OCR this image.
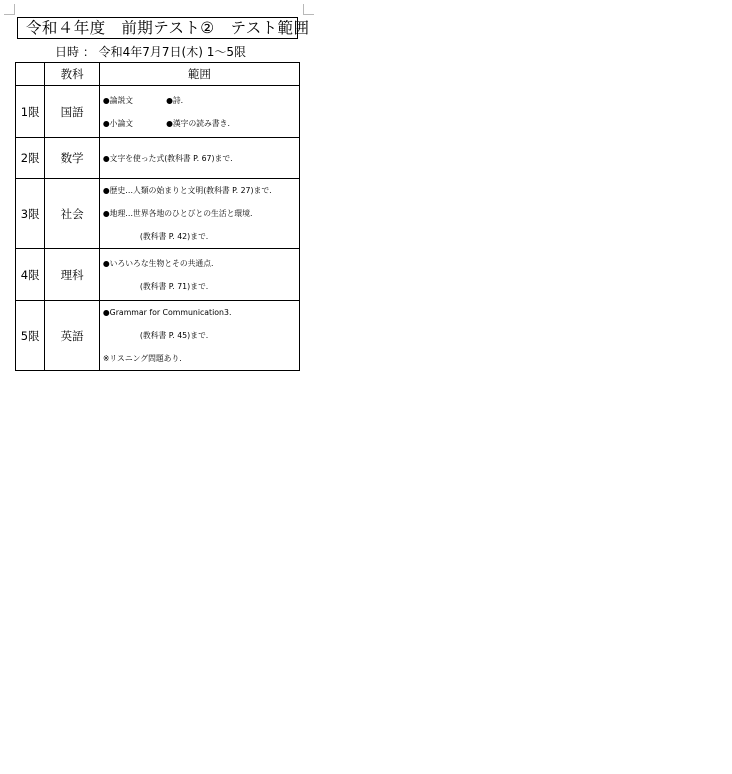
令和４年度　前期テスト②　テスト範囲
日時 ： 令和4年7月7日(木) 1～5限
	教科	範囲
1限	国語	●論説文 ●詩.
●小論文 ●漢字の読み書き.

2限	数学	●文字を使った式(教科書 P. 67)まで.

3限	社会	●歴史…人類の始まりと文明(教科書 P. 27)まで.
●地理…世界各地のひとびとの生活と環境.
(教科書 P. 42)まで.

4限	理科	●いろいろな生物とその共通点.
(教科書 P. 71)まで.

5限	英語	●Grammar for Communication3.
(教科書 P. 45)まで.
※リスニング問題あり.
